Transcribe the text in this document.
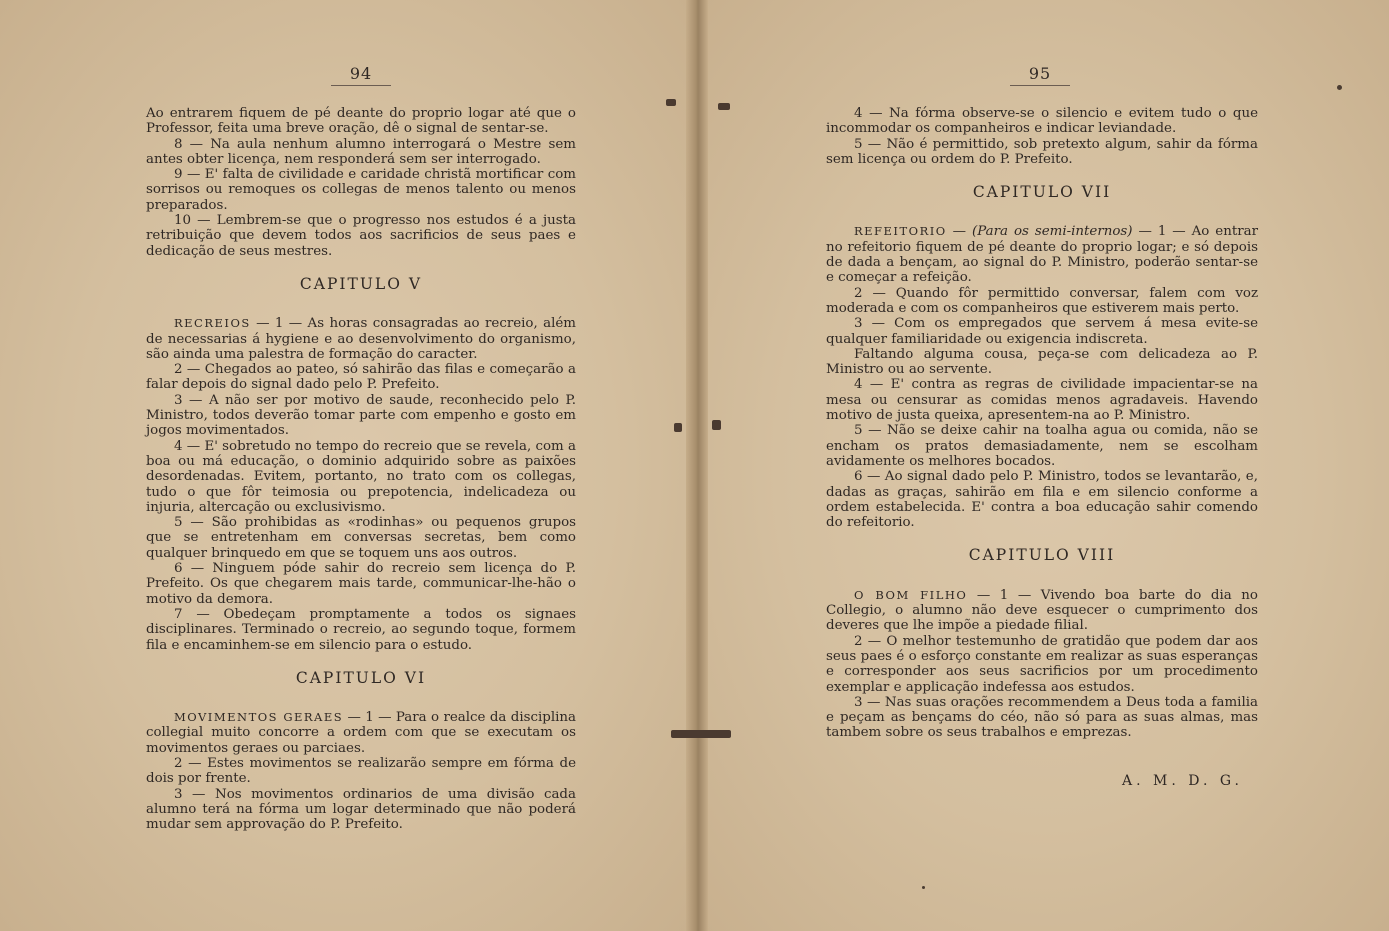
94	95

Ao entrarem fiquem de pé deante do proprio logar até que o Professor, feita uma breve oração, dê o signal de sentar-se.

8 — Na aula nenhum alumno interrogará o Mestre sem antes obter licença, nem responderá sem ser interrogado.

9 — E' falta de civilidade e caridade christã mortificar com sorrisos ou remoques os collegas de menos talento ou menos preparados.

10 — Lembrem-se que o progresso nos estudos é a justa retribuição que devem todos aos sacrificios de seus paes e dedicação de seus mestres.

CAPITULO V

RECREIOS — 1 — As horas consagradas ao recreio, além de necessarias á hygiene e ao desenvolvimento do organismo, são ainda uma palestra de formação do caracter.

2 — Chegados ao pateo, só sahirão das filas e começarão a falar depois do signal dado pelo P. Prefeito.

3 — A não ser por motivo de saude, reconhecido pelo P. Ministro, todos deverão tomar parte com empenho e gosto em jogos movimentados.

4 — E' sobretudo no tempo do recreio que se revela, com a boa ou má educação, o dominio adquirido sobre as paixões desordenadas. Evitem, portanto, no trato com os collegas, tudo o que fôr teimosia ou prepotencia, indelicadeza ou injuria, altercação ou exclusivismo.

5 — São prohibidas as «rodinhas» ou pequenos grupos que se entretenham em conversas secretas, bem como qualquer brinquedo em que se toquem uns aos outros.

6 — Ninguem póde sahir do recreio sem licença do P. Prefeito. Os que chegarem mais tarde, communicar-lhe-hão o motivo da demora.

7 — Obedeçam promptamente a todos os signaes disciplinares. Terminado o recreio, ao segundo toque, formem fila e encaminhem-se em silencio para o estudo.

CAPITULO VI

MOVIMENTOS GERAES — 1 — Para o realce da disciplina collegial muito concorre a ordem com que se executam os movimentos geraes ou parciaes.

2 — Estes movimentos se realizarão sempre em fórma de dois por frente.

3 — Nos movimentos ordinarios de uma divisão cada alumno terá na fórma um logar determinado que não poderá mudar sem approvação do P. Prefeito.

4 — Na fórma observe-se o silencio e evitem tudo o que incommodar os companheiros e indicar leviandade.

5 — Não é permittido, sob pretexto algum, sahir da fórma sem licença ou ordem do P. Prefeito.

CAPITULO VII

REFEITORIO — (Para os semi-internos) — 1 — Ao entrar no refeitorio fiquem de pé deante do proprio logar; e só depois de dada a bençam, ao signal do P. Ministro, poderão sentar-se e começar a refeição.

2 — Quando fôr permittido conversar, falem com voz moderada e com os companheiros que estiverem mais perto.

3 — Com os empregados que servem á mesa evite-se qualquer familiaridade ou exigencia indiscreta.

Faltando alguma cousa, peça-se com delicadeza ao P. Ministro ou ao servente.

4 — E' contra as regras de civilidade impacientar-se na mesa ou censurar as comidas menos agradaveis. Havendo motivo de justa queixa, apresentem-na ao P. Ministro.

5 — Não se deixe cahir na toalha agua ou comida, não se encham os pratos demasiadamente, nem se escolham avidamente os melhores bocados.

6 — Ao signal dado pelo P. Ministro, todos se levantarão, e, dadas as graças, sahirão em fila e em silencio conforme a ordem estabelecida. E' contra a boa educação sahir comendo do refeitorio.

CAPITULO VIII

O BOM FILHO — 1 — Vivendo boa barte do dia no Collegio, o alumno não deve esquecer o cumprimento dos deveres que lhe impõe a piedade filial.

2 — O melhor testemunho de gratidão que podem dar aos seus paes é o esforço constante em realizar as suas esperanças e corresponder aos seus sacrificios por um procedimento exemplar e applicação indefessa aos estudos.

3 — Nas suas orações recommendem a Deus toda a familia e peçam as bençams do céo, não só para as suas almas, mas tambem sobre os seus trabalhos e emprezas.

A. M. D. G.
